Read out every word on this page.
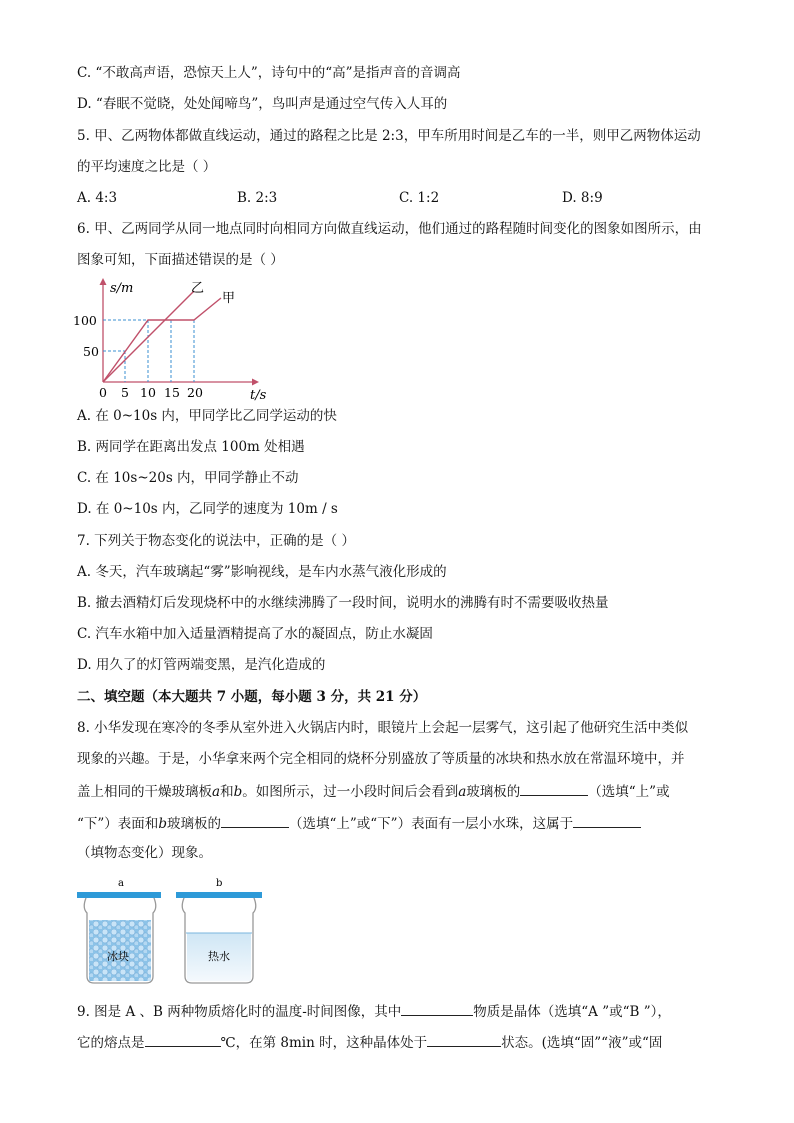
C. “不敢高声语，恐惊天上人”，诗句中的“高”是指声音的音调高
D. “春眠不觉晓，处处闻啼鸟”，鸟叫声是通过空气传入人耳的
5. 甲、乙两物体都做直线运动，通过的路程之比是 2:3，甲车所用时间是乙车的一半，则甲乙两物体运动
的平均速度之比是（ ）
A. 4:3	B. 2:3	C. 1:2	D. 8:9
6. 甲、乙两同学从同一地点同时向相同方向做直线运动，他们通过的路程随时间变化的图象如图所示，由
图象可知，下面描述错误的是（ ）
s/m
t/s
乙
甲
100
50
0 5 10 15 20
A. 在 0~10s 内，甲同学比乙同学运动的快
B. 两同学在距离出发点 100m 处相遇
C. 在 10s~20s 内，甲同学静止不动
D. 在 0~10s 内，乙同学的速度为 10m / s
7. 下列关于物态变化的说法中，正确的是（ ）
A. 冬天，汽车玻璃起“雾”影响视线，是车内水蒸气液化形成的
B. 撤去酒精灯后发现烧杯中的水继续沸腾了一段时间，说明水的沸腾有时不需要吸收热量
C. 汽车水箱中加入适量酒精提高了水的凝固点，防止水凝固
D. 用久了的灯管两端变黑，是汽化造成的
二、填空题（本大题共 7 小题，每小题 3 分，共 21 分）
8. 小华发现在寒冷的冬季从室外进入火锅店内时，眼镜片上会起一层雾气，这引起了他研究生活中类似
现象的兴趣。于是，小华拿来两个完全相同的烧杯分别盛放了等质量的冰块和热水放在常温环境中，并
盖上相同的干燥玻璃板a和b。如图所示，过一小段时间后会看到a玻璃板的	（选填“上”或
“下”）表面和b玻璃板的	（选填“上”或“下”）表面有一层小水珠，这属于
（填物态变化）现象。
a	b
冰块	热水
9. 图是 A 、B 两种物质熔化时的温度-时间图像，其中	物质是晶体（选填“A ”或“B ”），
它的熔点是	℃，在第 8min 时，这种晶体处于	状态。(选填“固”“液”或“固
